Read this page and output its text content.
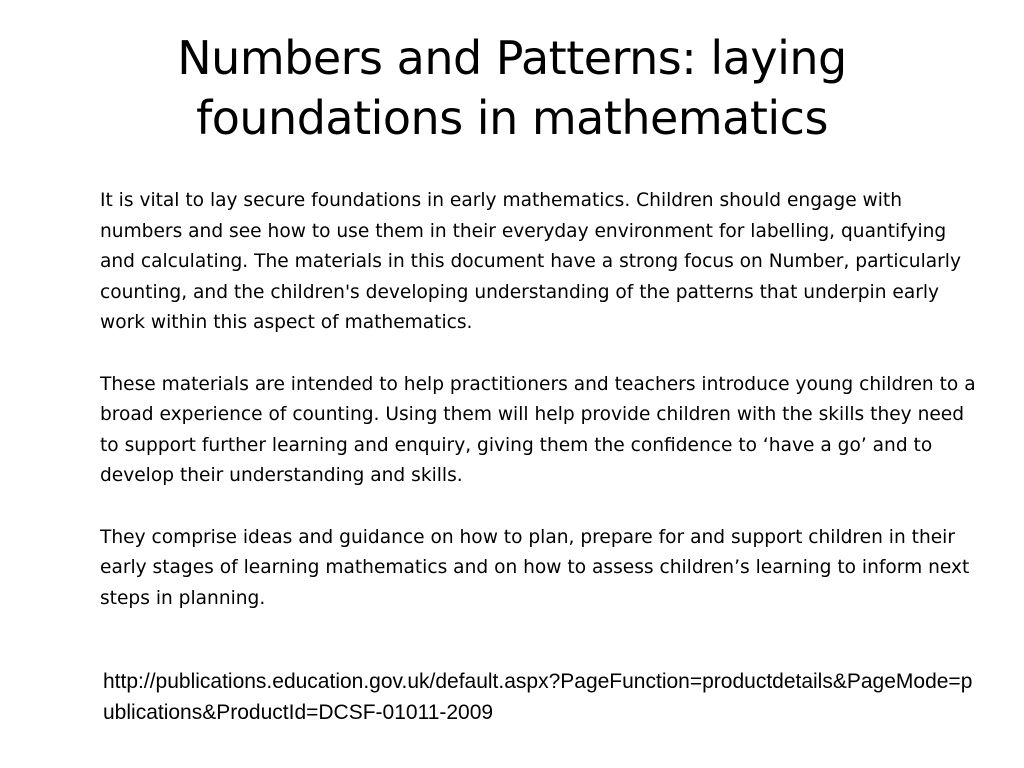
Numbers and Patterns: laying foundations in mathematics

It is vital to lay secure foundations in early mathematics. Children should engage with numbers and see how to use them in their everyday environment for labelling, quantifying and calculating. The materials in this document have a strong focus on Number, particularly counting, and the children's developing understanding of the patterns that underpin early work within this aspect of mathematics.

These materials are intended to help practitioners and teachers introduce young children to a broad experience of counting. Using them will help provide children with the skills they need to support further learning and enquiry, giving them the confidence to ‘have a go’ and to develop their understanding and skills.

They comprise ideas and guidance on how to plan, prepare for and support children in their early stages of learning mathematics and on how to assess children’s learning to inform next steps in planning.

http://publications.education.gov.uk/default.aspx?PageFunction=productdetails&PageMode=publications&ProductId=DCSF-01011-2009
